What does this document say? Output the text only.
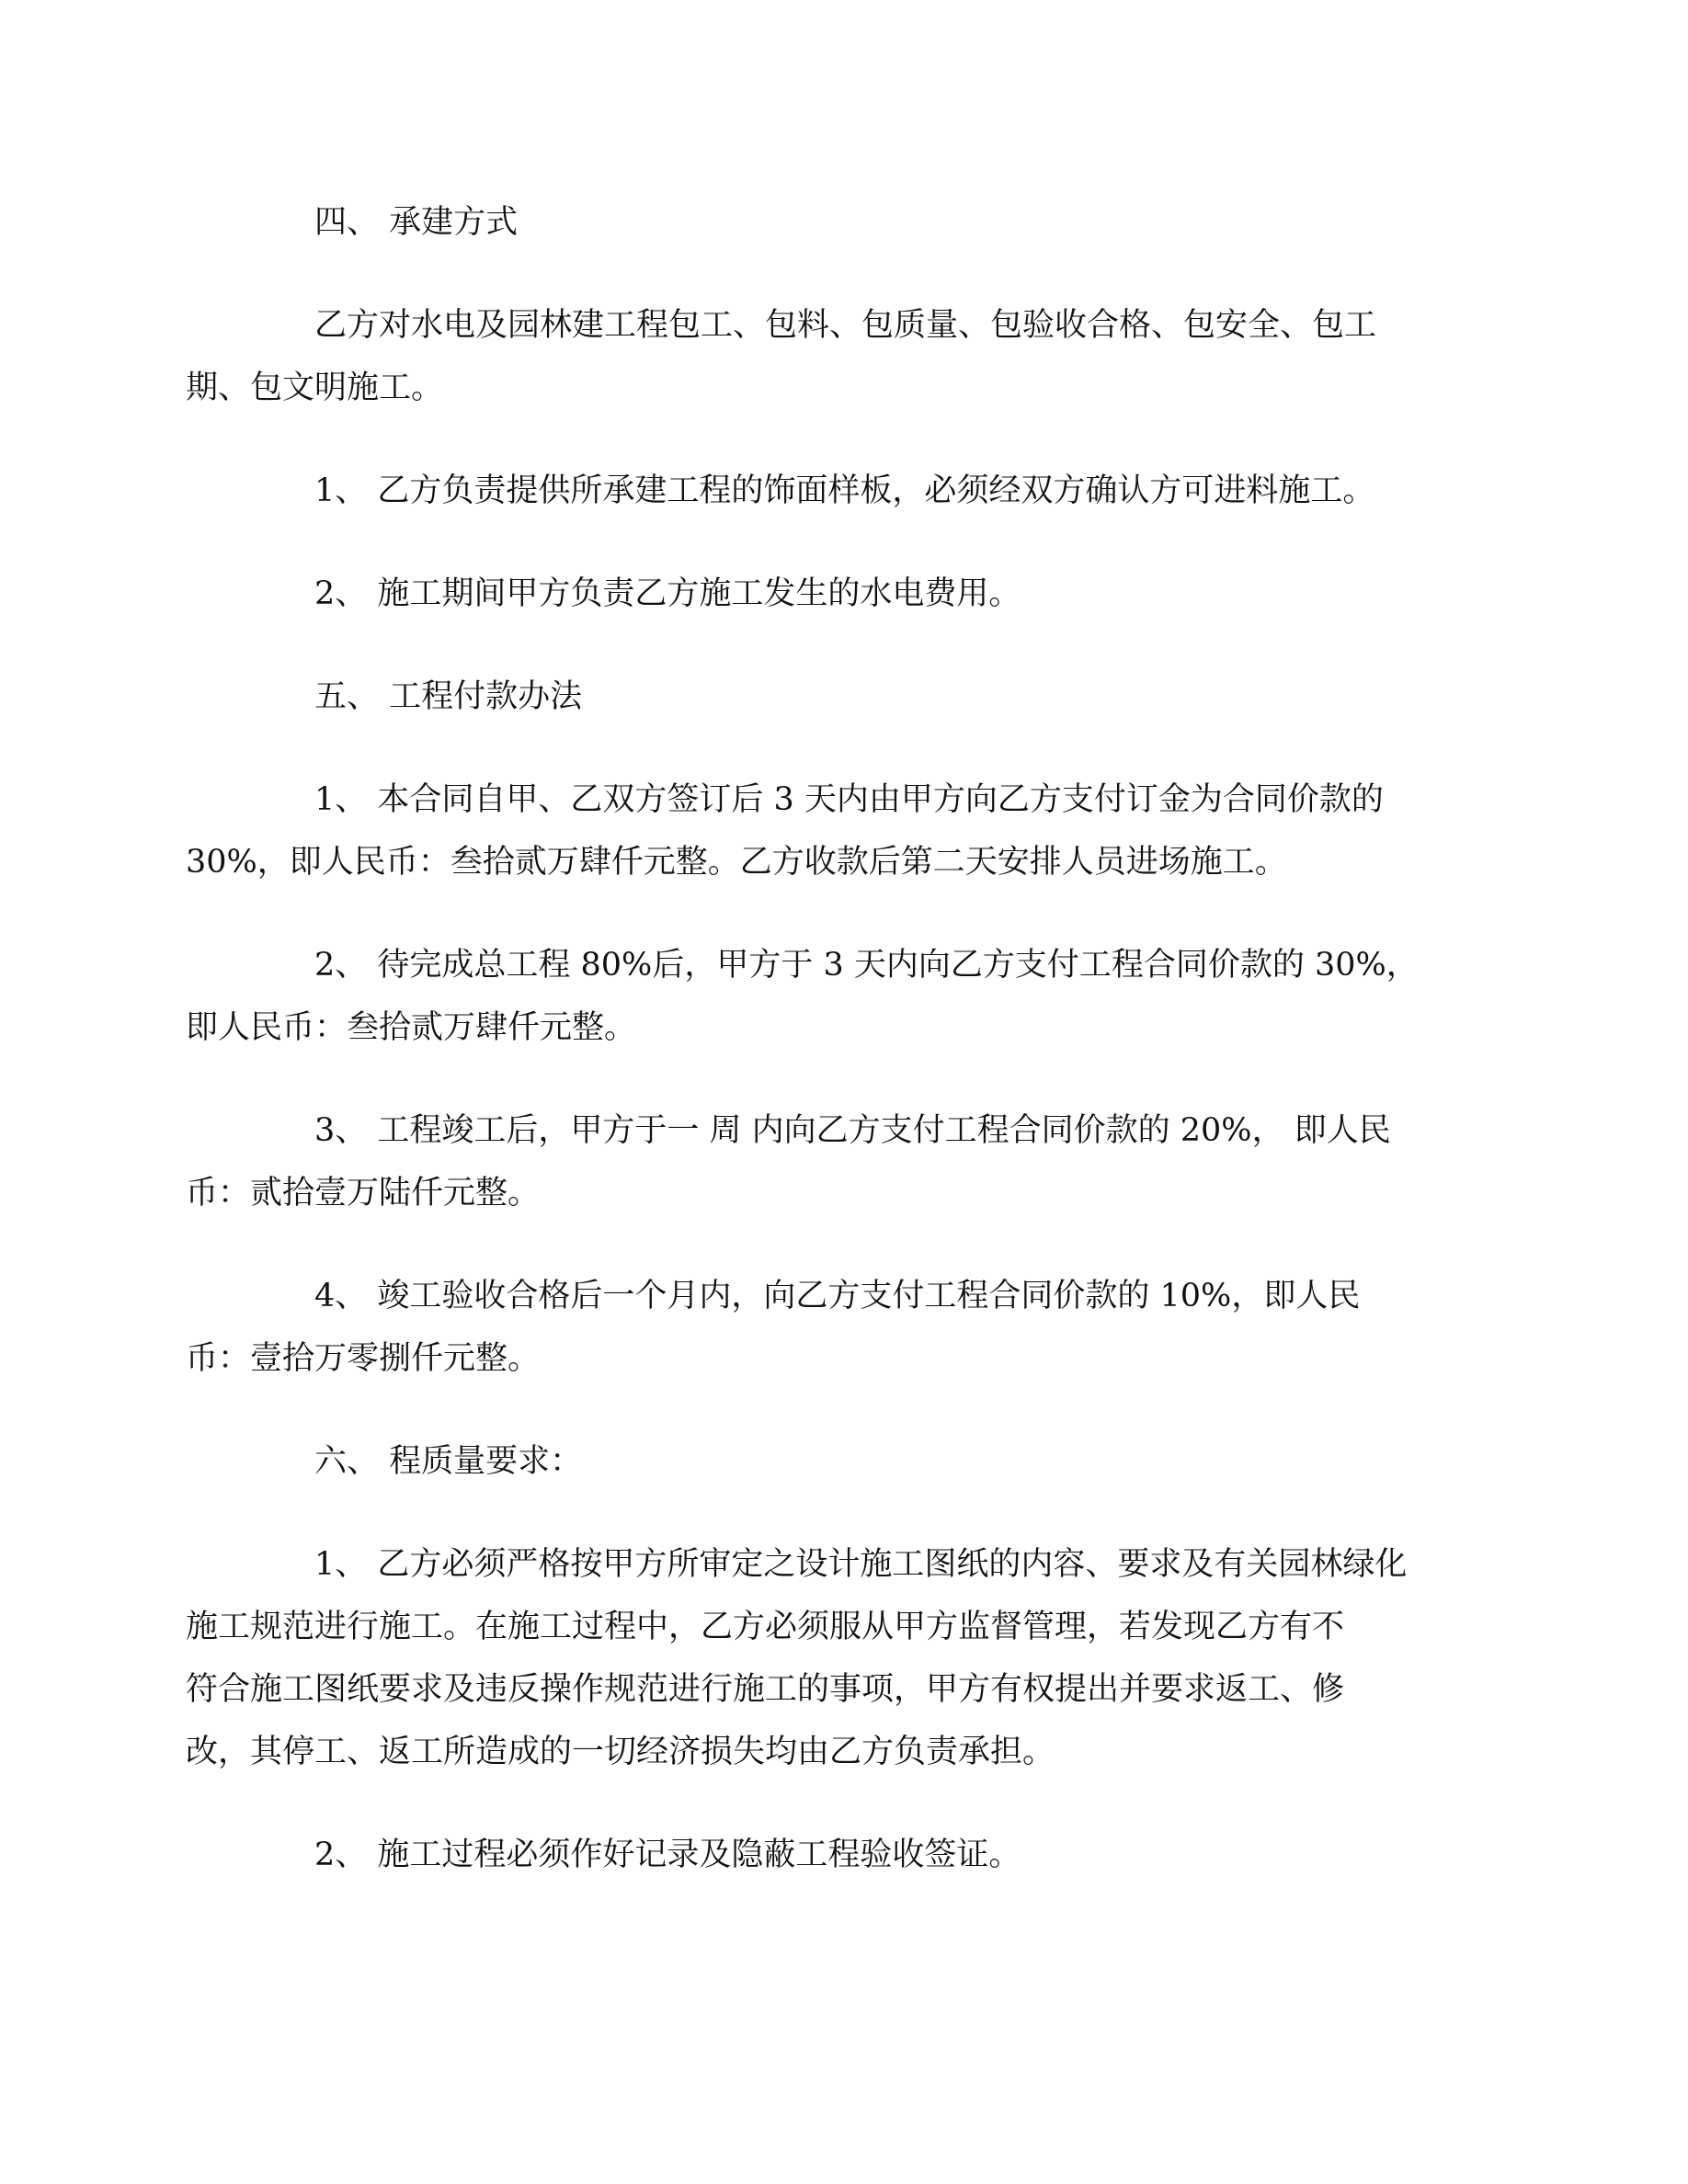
四、 承建方式
乙方对水电及园林建工程包工、包料、包质量、包验收合格、包安全、包工
期、包文明施工。
1、 乙方负责提供所承建工程的饰面样板，必须经双方确认方可进料施工。
2、 施工期间甲方负责乙方施工发生的水电费用。
五、 工程付款办法
1、 本合同自甲、乙双方签订后 3 天内由甲方向乙方支付订金为合同价款的
30%，即人民币：叁拾贰万肆仟元整。乙方收款后第二天安排人员进场施工。
2、 待完成总工程 80%后，甲方于 3 天内向乙方支付工程合同价款的 30%，
即人民币：叁拾贰万肆仟元整。
3、 工程竣工后，甲方于一 周 内向乙方支付工程合同价款的 20%， 即人民
币：贰拾壹万陆仟元整。
4、 竣工验收合格后一个月内，向乙方支付工程合同价款的 10%，即人民
币：壹拾万零捌仟元整。
六、 程质量要求：
1、 乙方必须严格按甲方所审定之设计施工图纸的内容、要求及有关园林绿化
施工规范进行施工。在施工过程中，乙方必须服从甲方监督管理，若发现乙方有不
符合施工图纸要求及违反操作规范进行施工的事项，甲方有权提出并要求返工、修
改，其停工、返工所造成的一切经济损失均由乙方负责承担。
2、 施工过程必须作好记录及隐蔽工程验收签证。
